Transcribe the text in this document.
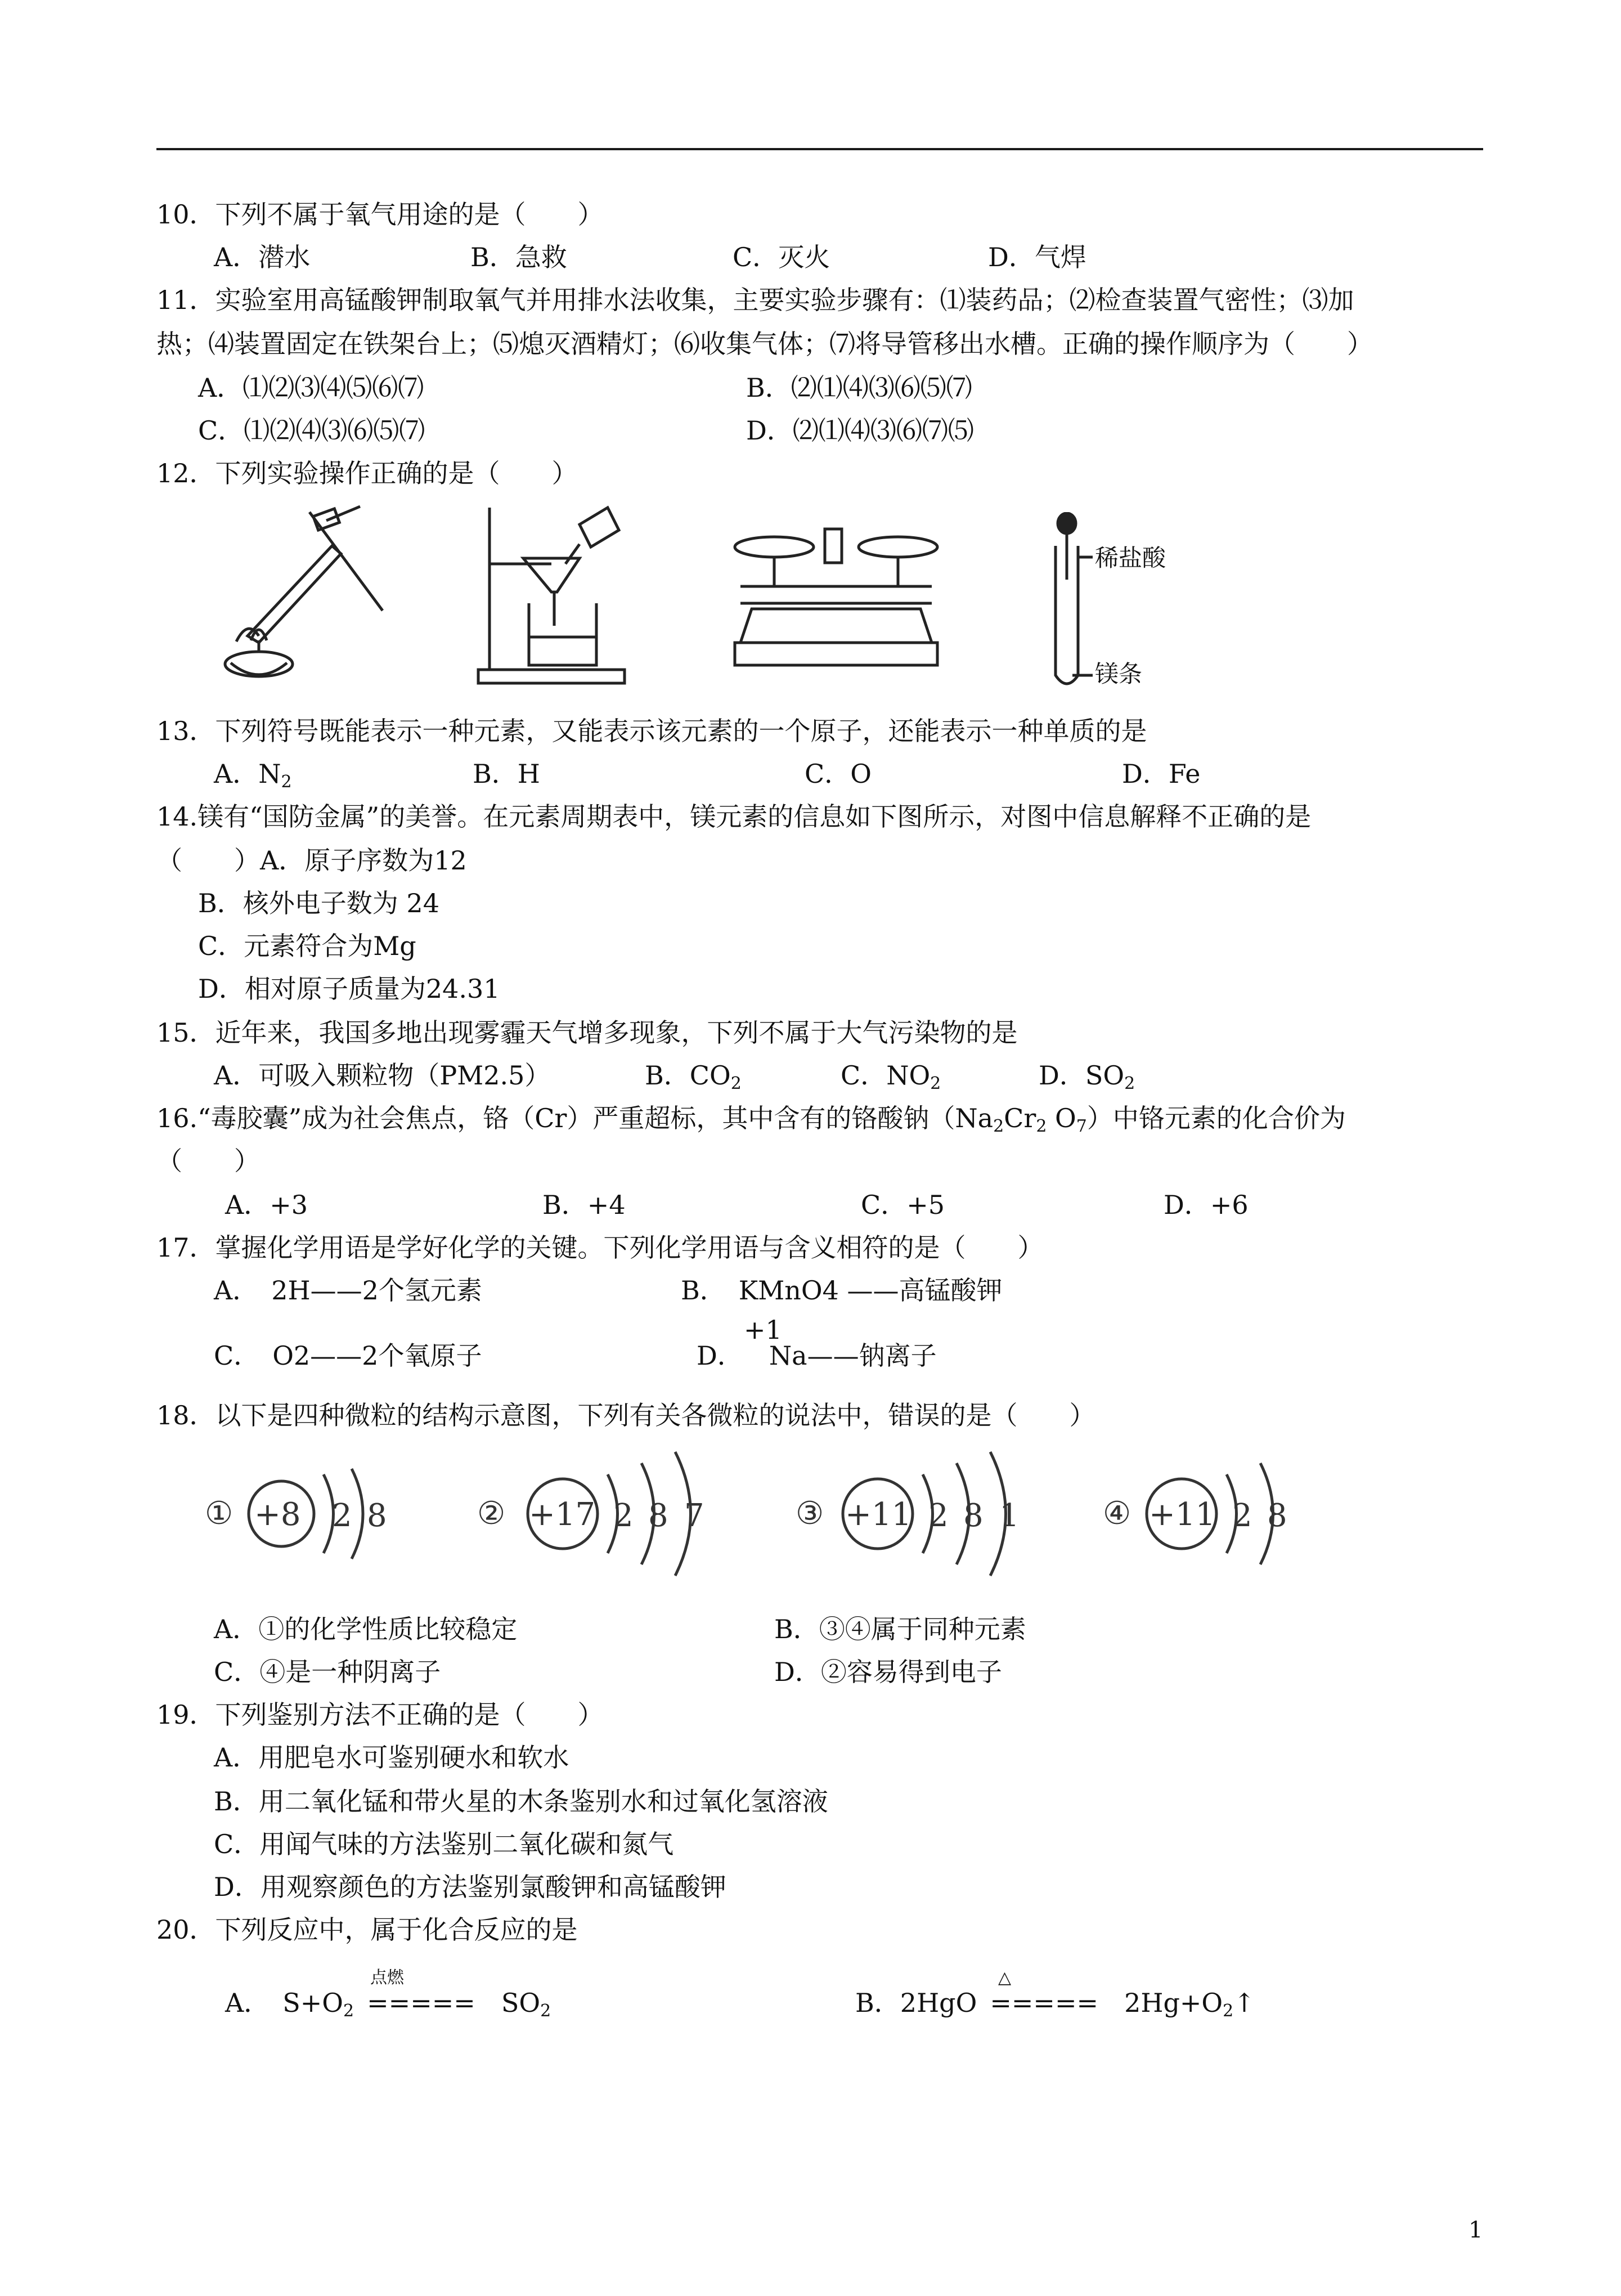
10．下列不属于氧气用途的是（　　）
A．潜水	B．急救	C．灭火	D．气焊
11．实验室用高锰酸钾制取氧气并用排水法收集，主要实验步骤有：⑴装药品；⑵检查装置气密性；⑶加
热；⑷装置固定在铁架台上；⑸熄灭酒精灯；⑹收集气体；⑺将导管移出水槽。正确的操作顺序为（　　）
A．⑴⑵⑶⑷⑸⑹⑺	B．⑵⑴⑷⑶⑹⑸⑺
C．⑴⑵⑷⑶⑹⑸⑺	D．⑵⑴⑷⑶⑹⑺⑸
12．下列实验操作正确的是（　　）
稀盐酸
镁条
13．下列符号既能表示一种元素，又能表示该元素的一个原子，还能表示一种单质的是
A．$N_2$	B．H	C．O	D．Fe
14.镁有“国防金属”的美誉。在元素周期表中，镁元素的信息如下图所示，对图中信息解释不正确的是
（　　）A．原子序数为12
B．核外电子数为 24
C．元素符合为Mg
D．相对原子质量为24.31
15．近年来，我国多地出现雾霾天气增多现象，下列不属于大气污染物的是
A．可吸入颗粒物（PM2.5）	B．$CO_2$	C．$NO_2$	D．$SO_2$
16.“毒胶囊”成为社会焦点，铬（Cr）严重超标，其中含有的铬酸钠（$Na_2Cr_2$ $O_7$）中铬元素的化合价为
（　　）
A．+3	B．+4	C．+5	D．+6
17．掌握化学用语是学好化学的关键。下列化学用语与含义相符的是（　　）
A．　2H——2个氢元素	B．　KMnO4 ——高锰酸钾
+1
C．　O2——2个氧原子	D．  Na——钠离子
18．以下是四种微粒的结构示意图，下列有关各微粒的说法中，错误的是（　　）
① +8 2 8	② +17 2 8 7	③ +11 2 8 1	④ +11 2 8
A．①的化学性质比较稳定	B．③④属于同种元素
C．④是一种阴离子	D．②容易得到电子
19．下列鉴别方法不正确的是（　　）
A．用肥皂水可鉴别硬水和软水
B．用二氧化锰和带火星的木条鉴别水和过氧化氢溶液
C．用闻气味的方法鉴别二氧化碳和氮气
D．用观察颜色的方法鉴别氯酸钾和高锰酸钾
20．下列反应中，属于化合反应的是
点燃
A．  $S+O_2$  =====  $SO_2$
△
B．2HgO  =====  $2Hg+O_2↑$
1
